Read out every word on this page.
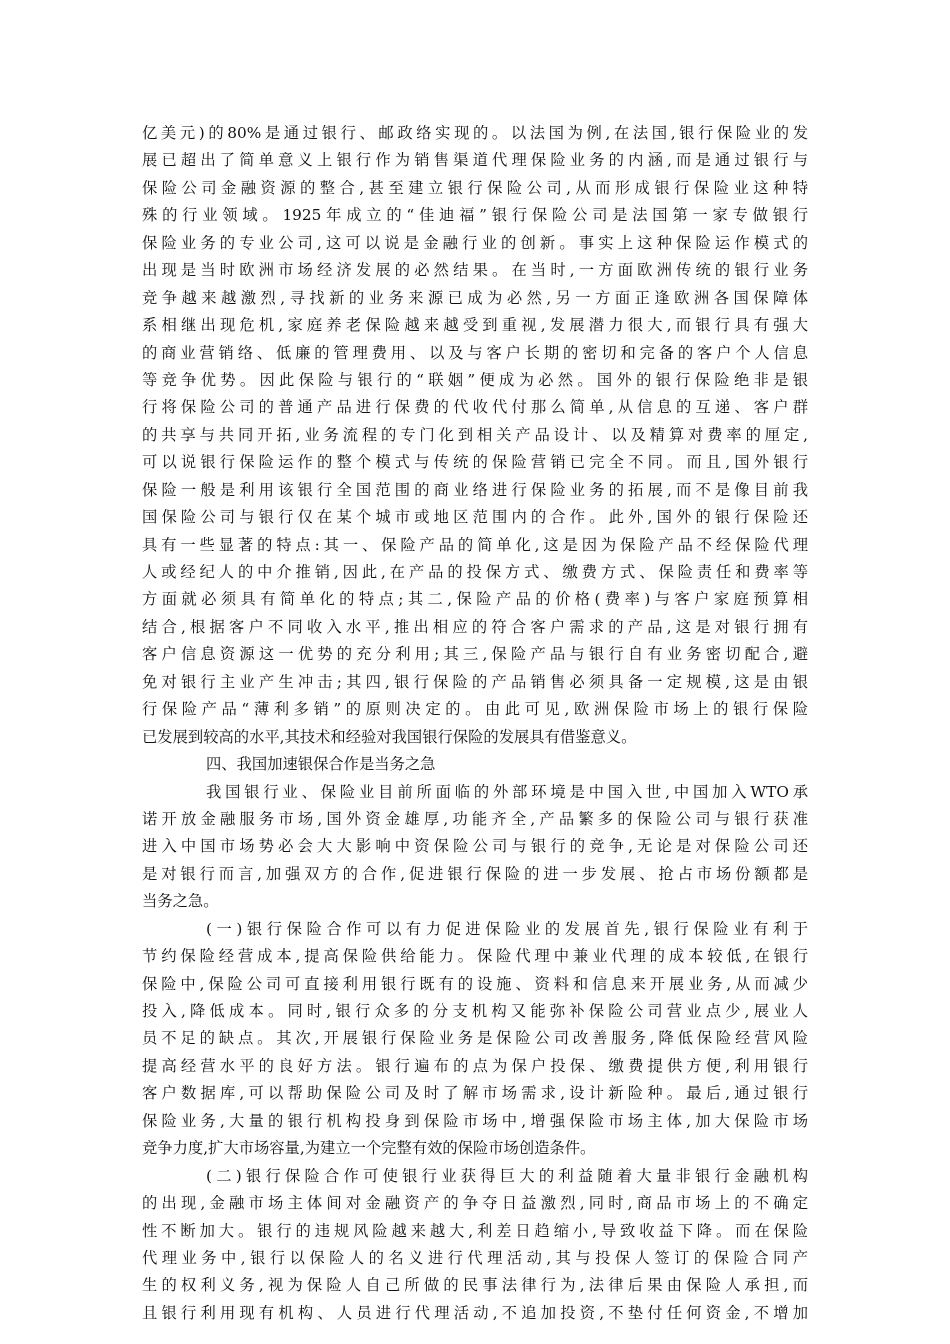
亿美元)的80%是通过银行、邮政络实现的。以法国为例,在法国,银行保险业的发
展已超出了简单意义上银行作为销售渠道代理保险业务的内涵,而是通过银行与
保险公司金融资源的整合,甚至建立银行保险公司,从而形成银行保险业这种特
殊的行业领域。1925年成立的“佳迪福”银行保险公司是法国第一家专做银行
保险业务的专业公司,这可以说是金融行业的创新。事实上这种保险运作模式的
出现是当时欧洲市场经济发展的必然结果。在当时,一方面欧洲传统的银行业务
竞争越来越激烈,寻找新的业务来源已成为必然,另一方面正逢欧洲各国保障体
系相继出现危机,家庭养老保险越来越受到重视,发展潜力很大,而银行具有强大
的商业营销络、低廉的管理费用、以及与客户长期的密切和完备的客户个人信息
等竞争优势。因此保险与银行的“联姻”便成为必然。国外的银行保险绝非是银
行将保险公司的普通产品进行保费的代收代付那么简单,从信息的互递、客户群
的共享与共同开拓,业务流程的专门化到相关产品设计、以及精算对费率的厘定,
可以说银行保险运作的整个模式与传统的保险营销已完全不同。而且,国外银行
保险一般是利用该银行全国范围的商业络进行保险业务的拓展,而不是像目前我
国保险公司与银行仅在某个城市或地区范围内的合作。此外,国外的银行保险还
具有一些显著的特点:其一、保险产品的简单化,这是因为保险产品不经保险代理
人或经纪人的中介推销,因此,在产品的投保方式、缴费方式、保险责任和费率等
方面就必须具有简单化的特点;其二,保险产品的价格(费率)与客户家庭预算相
结合,根据客户不同收入水平,推出相应的符合客户需求的产品,这是对银行拥有
客户信息资源这一优势的充分利用;其三,保险产品与银行自有业务密切配合,避
免对银行主业产生冲击;其四,银行保险的产品销售必须具备一定规模,这是由银
行保险产品“薄利多销”的原则决定的。由此可见,欧洲保险市场上的银行保险
已发展到较高的水平,其技术和经验对我国银行保险的发展具有借鉴意义。
四、我国加速银保合作是当务之急
我国银行业、保险业目前所面临的外部环境是中国入世,中国加入WTO承
诺开放金融服务市场,国外资金雄厚,功能齐全,产品繁多的保险公司与银行获准
进入中国市场势必会大大影响中资保险公司与银行的竞争,无论是对保险公司还
是对银行而言,加强双方的合作,促进银行保险的进一步发展、抢占市场份额都是
当务之急。
(一)银行保险合作可以有力促进保险业的发展首先,银行保险业有利于
节约保险经营成本,提高保险供给能力。保险代理中兼业代理的成本较低,在银行
保险中,保险公司可直接利用银行既有的设施、资料和信息来开展业务,从而减少
投入,降低成本。同时,银行众多的分支机构又能弥补保险公司营业点少,展业人
员不足的缺点。其次,开展银行保险业务是保险公司改善服务,降低保险经营风险
提高经营水平的良好方法。银行遍布的点为保户投保、缴费提供方便,利用银行
客户数据库,可以帮助保险公司及时了解市场需求,设计新险种。最后,通过银行
保险业务,大量的银行机构投身到保险市场中,增强保险市场主体,加大保险市场
竞争力度,扩大市场容量,为建立一个完整有效的保险市场创造条件。
(二)银行保险合作可使银行业获得巨大的利益随着大量非银行金融机构
的出现,金融市场主体间对金融资产的争夺日益激烈,同时,商品市场上的不确定
性不断加大。银行的违规风险越来越大,利差日趋缩小,导致收益下降。而在保险
代理业务中,银行以保险人的名义进行代理活动,其与投保人签订的保险合同产
生的权利义务,视为保险人自己所做的民事法律行为,法律后果由保险人承担,而
且银行利用现有机构、人员进行代理活动,不追加投资,不垫付任何资金,不增加
